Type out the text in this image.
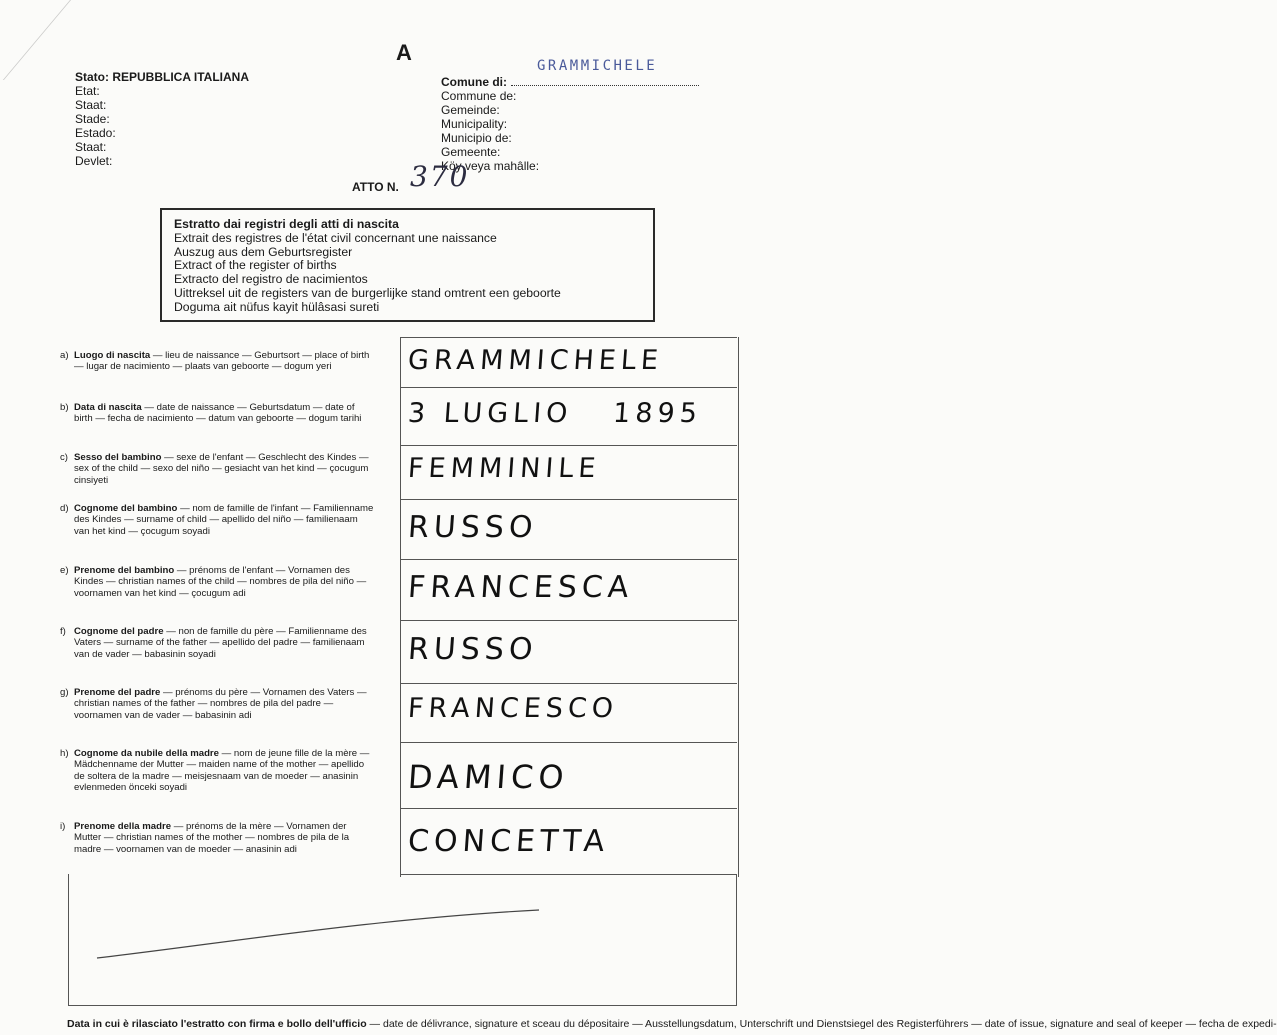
A
Stato: REPUBBLICA ITALIANA
Etat:
Staat:
Stade:
Estado:
Staat:
Devlet:
Comune di:
Commune de:
Gemeinde:
Municipality:
Municipio de:
Gemeente:
Köy veya mahâlle:
GRAMMICHELE
ATTO N. 370
Estratto dai registri degli atti di nascita
Extrait des registres de l'état civil concernant une naissance
Auszug aus dem Geburtsregister
Extract of the register of births
Extracto del registro de nacimientos
Uittreksel uit de registers van de burgerlijke stand omtrent een geboorte
Doguma ait nüfus kayit hülâsasi sureti
a) Luogo di nascita — lieu de naissance — Geburtsort — place of birth — lugar de nacimiento — plaats van geboorte — dogum yeri
b) Data di nascita — date de naissance — Geburtsdatum — date of birth — fecha de nacimiento — datum van geboorte — dogum tarihi
c) Sesso del bambino — sexe de l'enfant — Geschlecht des Kindes — sex of the child — sexo del niño — gesiacht van het kind — çocugum cinsiyeti
d) Cognome del bambino — nom de famille de l'infant — Familienname des Kindes — surname of child — apellido del niño — familienaam van het kind — çocugum soyadi
e) Prenome del bambino — prénoms de l'enfant — Vornamen des Kindes — christian names of the child — nombres de pila del niño — voornamen van het kind — çocugum adi
f) Cognome del padre — non de famille du père — Familienname des Vaters — surname of the father — apellido del padre — familienaam van de vader — babasinin soyadi
g) Prenome del padre — prénoms du père — Vornamen des Vaters — christian names of the father — nombres de pila del padre — voornamen van de vader — babasinin adi
h) Cognome da nubile della madre — nom de jeune fille de la mère — Mädchenname der Mutter — maiden name of the mother — apellido de soltera de la madre — meisjesnaam van de moeder — anasinin evlenmeden önceki soyadi
i) Prenome della madre — prénoms de la mère — Vornamen der Mutter — christian names of the mother — nombres de pila de la madre — voornamen van de moeder — anasinin adi
GRAMMICHELE
3 LUGLIO   1895
FEMMINILE
RUSSO
FRANCESCA
RUSSO
FRANCESCO
DAMICO
CONCETTA
Data in cui è rilasciato l'estratto con firma e bollo dell'ufficio — date de délivrance, signature et sceau du dépositaire — Ausstellungsdatum, Unterschrift und Dienstsiegel des Registerführers — date of issue, signature and seal of keeper — fecha de expedi-
